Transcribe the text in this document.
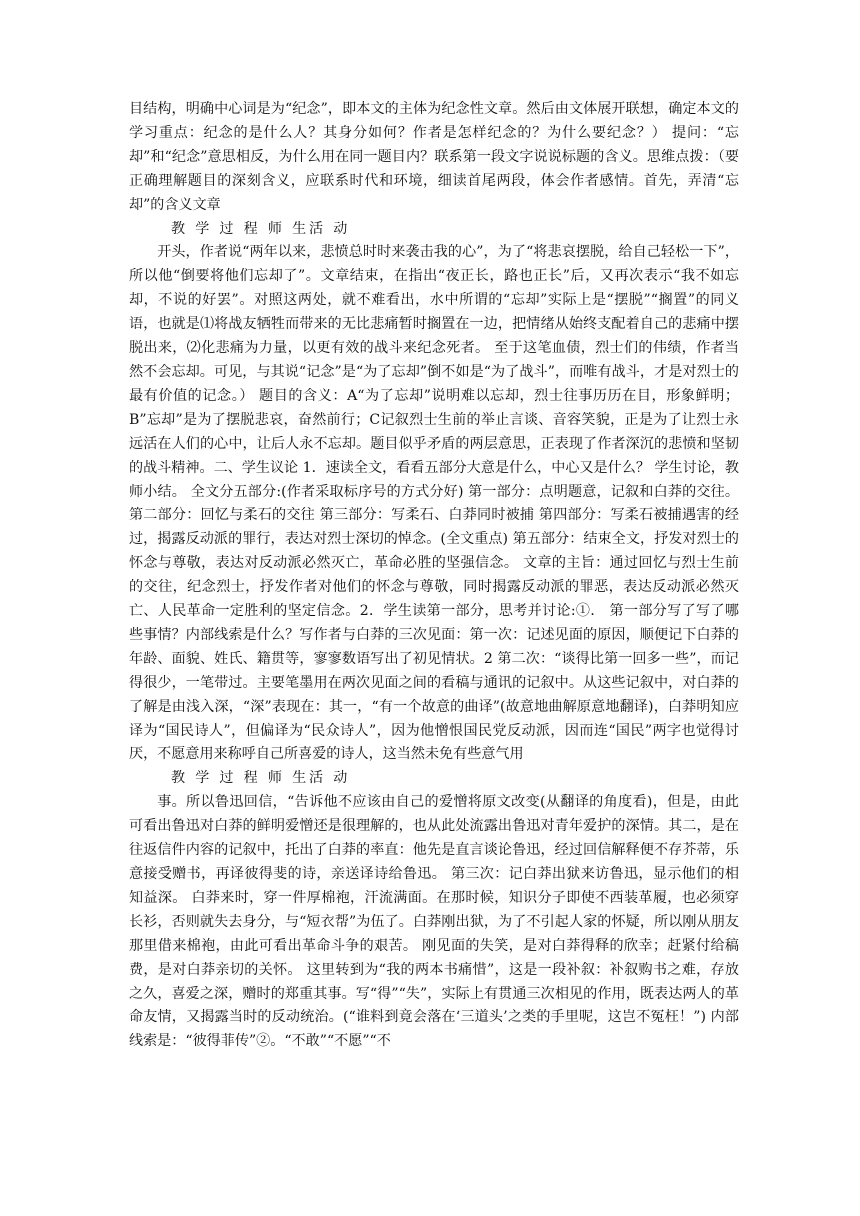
目结构，明确中心词是为“纪念”，即本文的主体为纪念性文章。然后由文体展开联想，确定本文的学习重点：纪念的是什么人？其身分如何？作者是怎样纪念的？为什么要纪念？） 提问：“忘却”和“纪念”意思相反，为什么用在同一题目内？联系第一段文字说说标题的含义。思维点拨：（要正确理解题目的深刻含义，应联系时代和环境，细读首尾两段，体会作者感情。首先，弄清“忘却”的含义文章

教 学 过 程 师 生活 动

开头，作者说“两年以来，悲愤总时时来袭击我的心”，为了“将悲哀摆脱，给自己轻松一下”，所以他“倒要将他们忘却了”。文章结束，在指出“夜正长，路也正长”后，又再次表示“我不如忘却，不说的好罢”。对照这两处，就不难看出，水中所谓的“忘却”实际上是“摆脱”“搁置”的同义语，也就是⑴将战友牺牲而带来的无比悲痛暂时搁置在一边，把情绪从始终支配着自己的悲痛中摆脱出来，⑵化悲痛为力量，以更有效的战斗来纪念死者。 至于这笔血债，烈士们的伟绩，作者当然不会忘却。可见，与其说“记念”是“为了忘却”倒不如是“为了战斗”，而唯有战斗，才是对烈士的最有价值的记念。） 题目的含义：A“为了忘却”说明难以忘却，烈士往事历历在目，形象鲜明；B”忘却”是为了摆脱悲哀，奋然前行；C记叙烈士生前的举止言谈、音容笑貌，正是为了让烈士永远活在人们的心中，让后人永不忘却。题目似乎矛盾的两层意思，正表现了作者深沉的悲愤和坚韧的战斗精神。二、学生议论 1．速读全文，看看五部分大意是什么，中心又是什么？ 学生讨论，教师小结。 全文分五部分:(作者采取标序号的方式分好) 第一部分：点明题意，记叙和白莽的交往。第二部分：回忆与柔石的交往 第三部分：写柔石、白莽同时被捕 第四部分：写柔石被捕遇害的经过，揭露反动派的罪行，表达对烈士深切的悼念。(全文重点) 第五部分：结束全文，抒发对烈士的怀念与尊敬，表达对反动派必然灭亡，革命必胜的坚强信念。 文章的主旨：通过回忆与烈士生前的交往，纪念烈士，抒发作者对他们的怀念与尊敬，同时揭露反动派的罪恶，表达反动派必然灭亡、人民革命一定胜利的坚定信念。2．学生读第一部分，思考并讨论:①． 第一部分写了写了哪些事情？内部线索是什么？写作者与白莽的三次见面：第一次：记述见面的原因，顺便记下白莽的年龄、面貌、姓氏、籍贯等，寥寥数语写出了初见情状。2 第二次：“谈得比第一回多一些”，而记得很少，一笔带过。主要笔墨用在两次见面之间的看稿与通讯的记叙中。从这些记叙中，对白莽的了解是由浅入深，“深”表现在：其一，“有一个故意的曲译”(故意地曲解原意地翻译)，白莽明知应译为“国民诗人”，但偏译为“民众诗人”，因为他憎恨国民党反动派，因而连“国民”两字也觉得讨厌，不愿意用来称呼自己所喜爱的诗人，这当然未免有些意气用

教 学 过 程 师 生活 动

事。所以鲁迅回信，“告诉他不应该由自己的爱憎将原文改变(从翻译的角度看)，但是，由此可看出鲁迅对白莽的鲜明爱憎还是很理解的，也从此处流露出鲁迅对青年爱护的深情。其二，是在往返信件内容的记叙中，托出了白莽的率直：他先是直言谈论鲁迅，经过回信解释便不存芥蒂，乐意接受赠书，再译彼得斐的诗，亲送译诗给鲁迅。 第三次：记白莽出狱来访鲁迅，显示他们的相知益深。 白莽来时，穿一件厚棉袍，汗流满面。在那时候，知识分子即使不西装革履，也必须穿长衫，否则就失去身分，与“短衣帮”为伍了。白莽刚出狱，为了不引起人家的怀疑，所以刚从朋友那里借来棉袍，由此可看出革命斗争的艰苦。 刚见面的失笑，是对白莽得释的欣幸；赶紧付给稿费，是对白莽亲切的关怀。 这里转到为“我的两本书痛惜”，这是一段补叙：补叙购书之难，存放之久，喜爱之深，赠时的郑重其事。写“得”“失”，实际上有贯通三次相见的作用，既表达两人的革命友情，又揭露当时的反动统治。(“谁料到竟会落在‘三道头’之类的手里呢，这岂不冤枉！”) 内部线索是：“彼得菲传”②。“不敢”“不愿”“不
